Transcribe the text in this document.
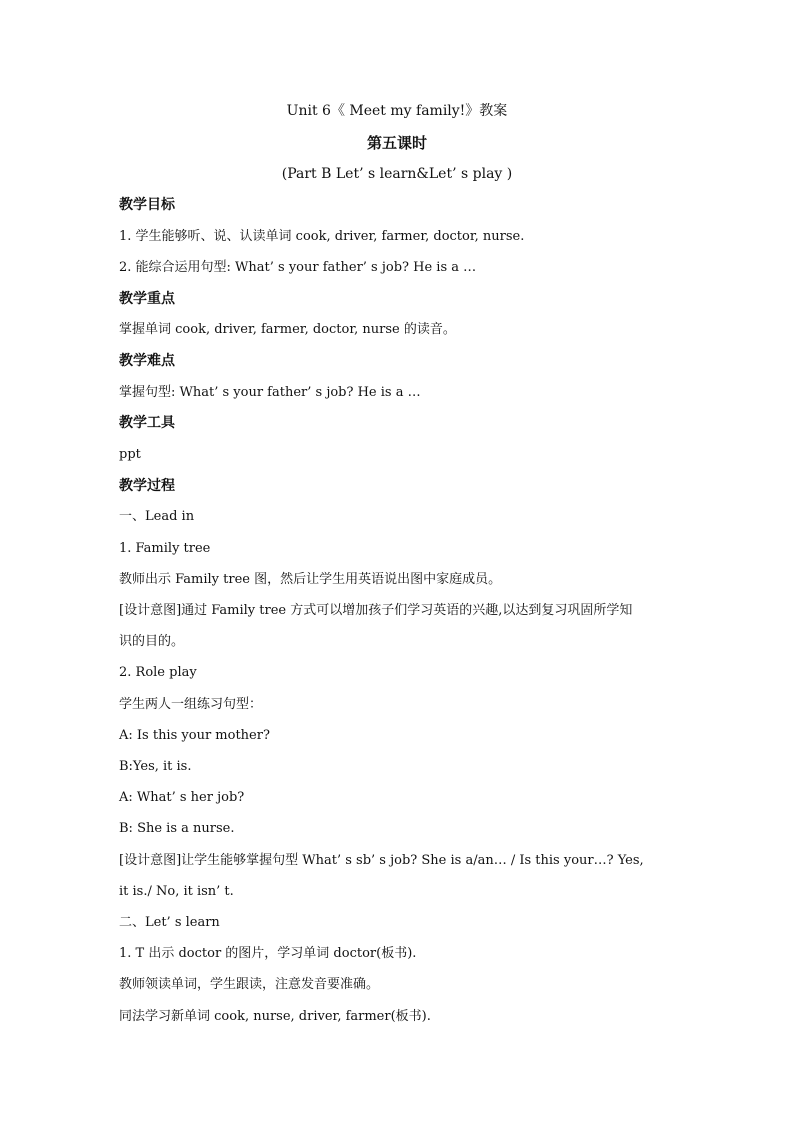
Unit 6《 Meet my family!》教案
第五课时
(Part B Let’ s learn&Let’ s play )
教学目标
1. 学生能够听、说、认读单词 cook, driver, farmer, doctor, nurse.
2. 能综合运用句型: What’ s your father’ s job? He is a …
教学重点
掌握单词 cook, driver, farmer, doctor, nurse 的读音。
教学难点
掌握句型: What’ s your father’ s job? He is a …
教学工具
ppt
教学过程
一、Lead in
1. Family tree
教师出示 Family tree 图，然后让学生用英语说出图中家庭成员。
[设计意图]通过 Family tree 方式可以增加孩子们学习英语的兴趣,以达到复习巩固所学知
识的目的。
2. Role play
学生两人一组练习句型：
A: Is this your mother?
B:Yes, it is.
A: What’ s her job?
B: She is a nurse.
[设计意图]让学生能够掌握句型 What’ s sb’ s job? She is a/an… / Is this your…? Yes,
it is./ No, it isn’ t.
二、Let’ s learn
1. T 出示 doctor 的图片，学习单词 doctor(板书).
教师领读单词，学生跟读，注意发音要准确。
同法学习新单词 cook, nurse, driver, farmer(板书).
